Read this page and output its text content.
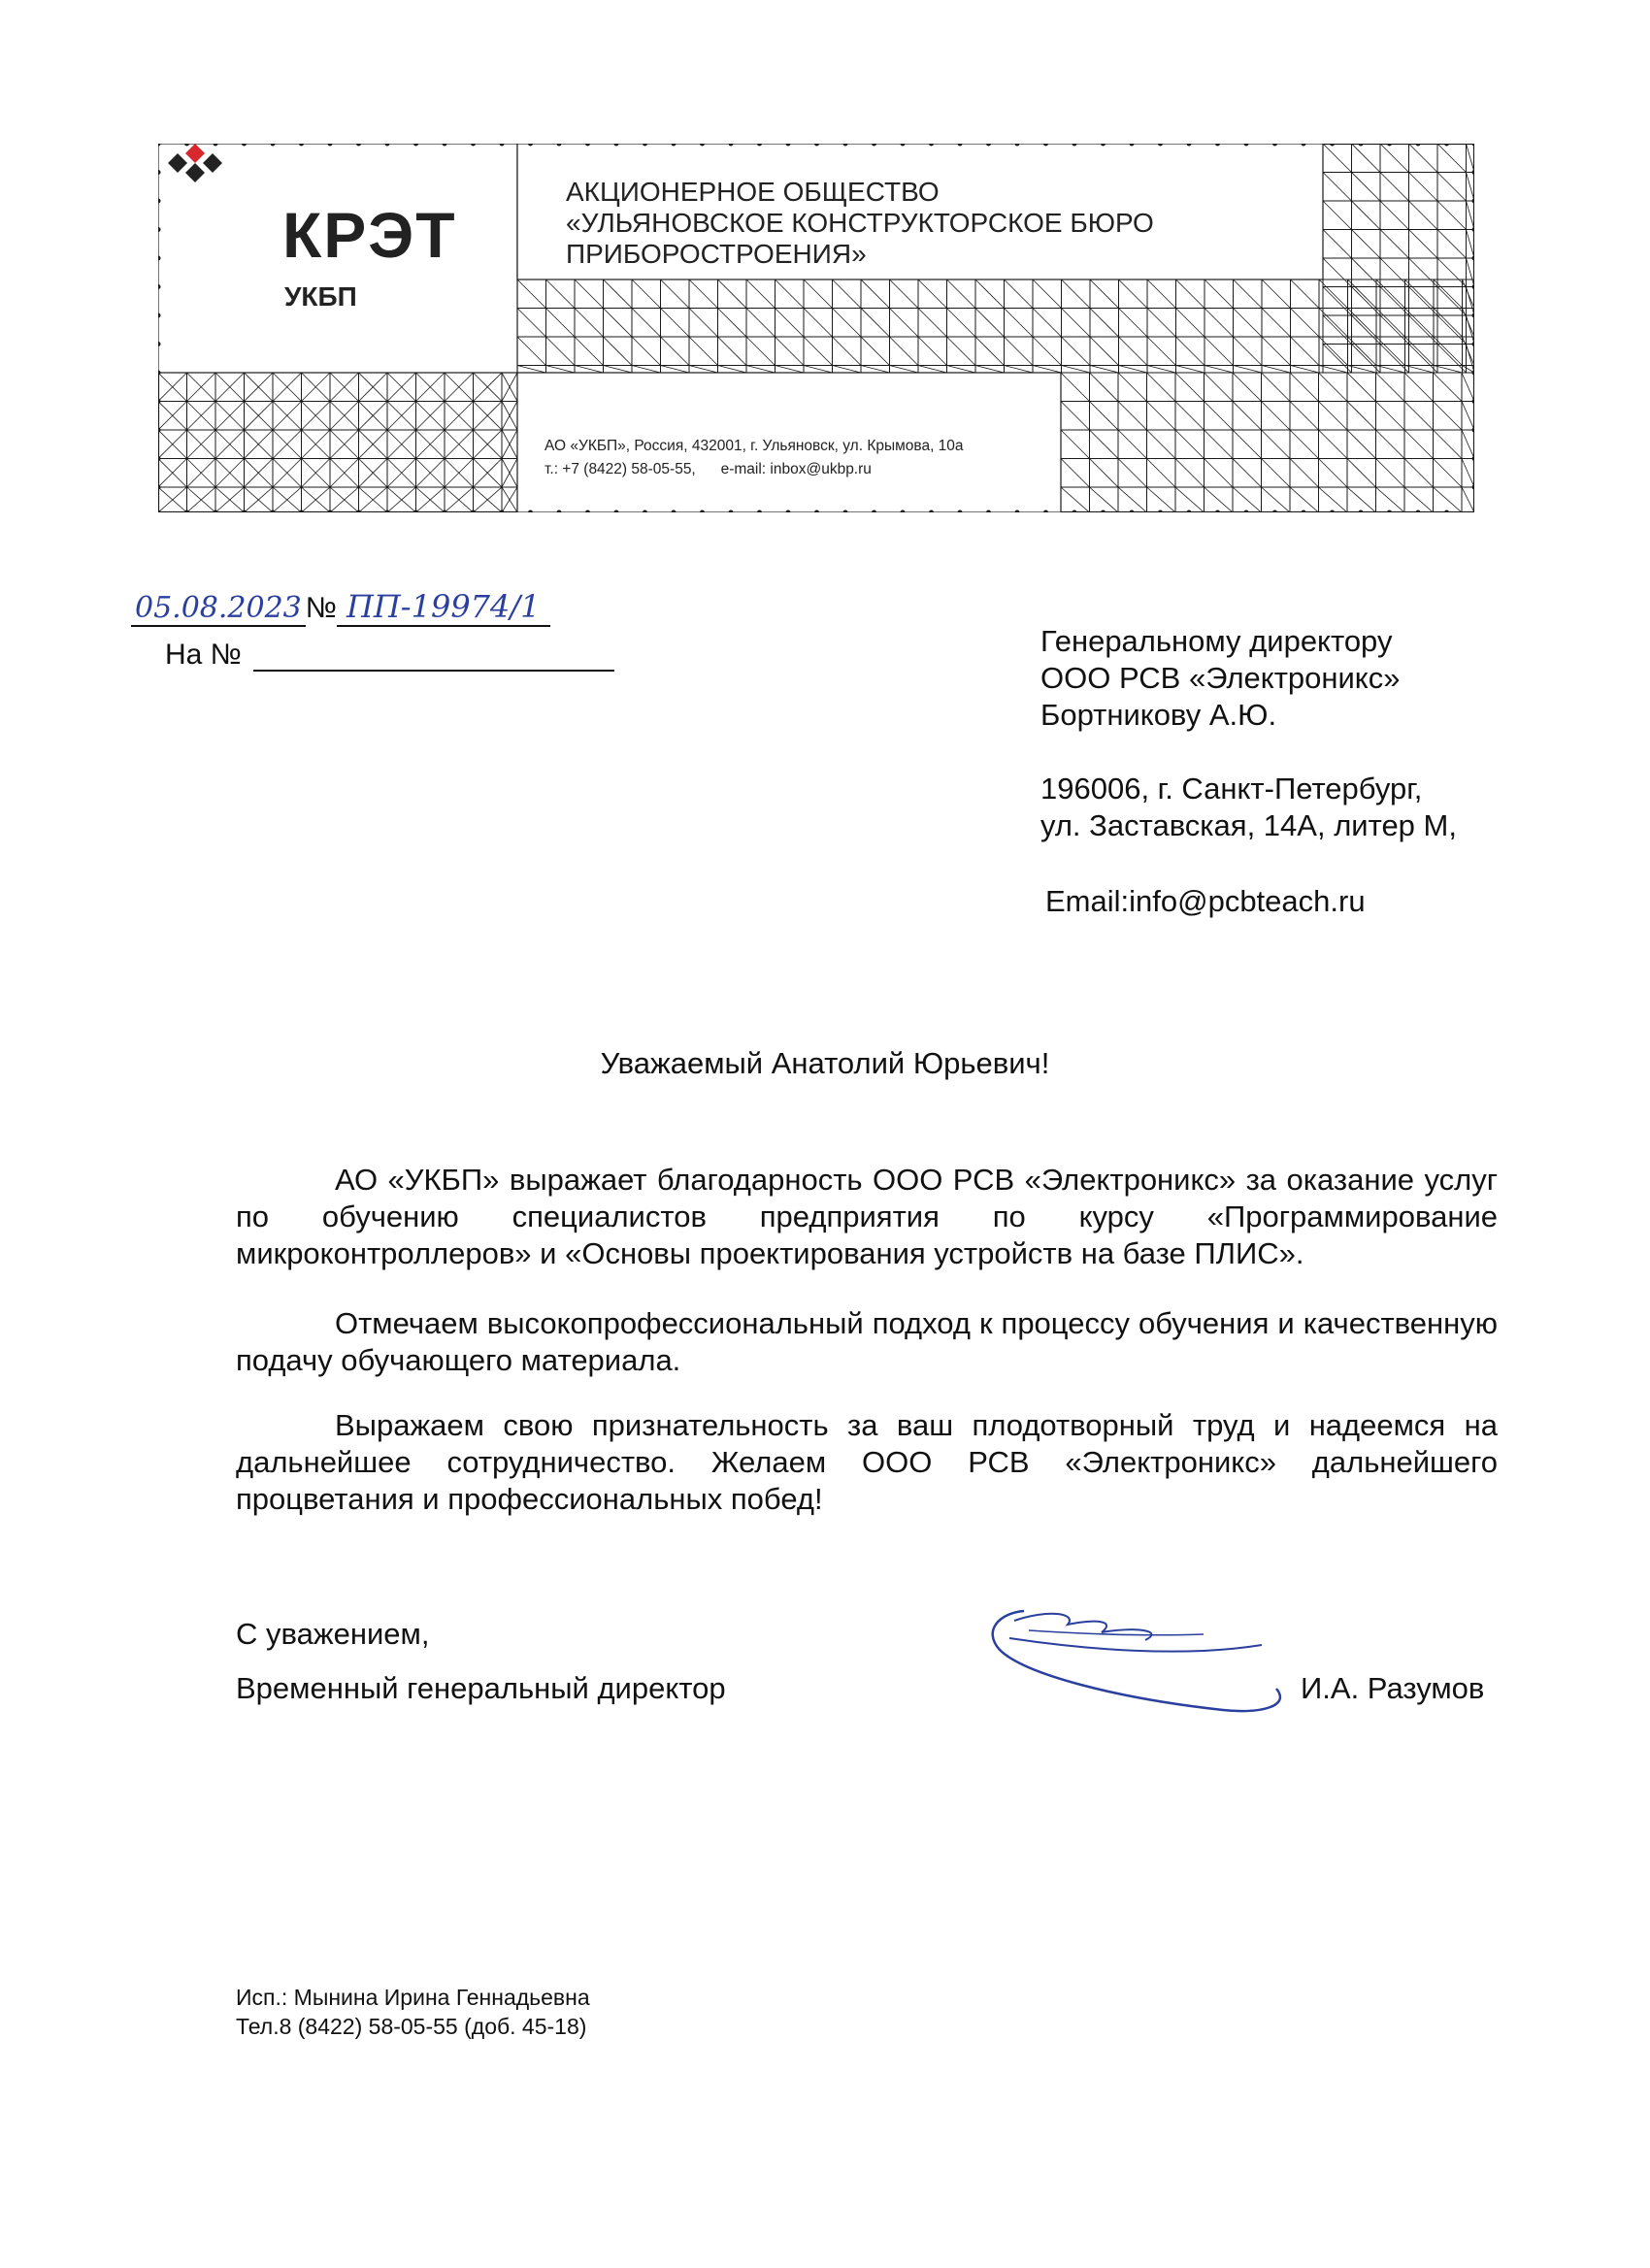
КРЭТ
УКБП
АКЦИОНЕРНОЕ ОБЩЕСТВО
«УЛЬЯНОВСКОЕ КОНСТРУКТОРСКОЕ БЮРО
ПРИБОРОСТРОЕНИЯ»
АО «УКБП», Россия, 432001, г. Ульяновск, ул. Крымова, 10а
т.: +7 (8422) 58-05-55, e-mail: inbox@ukbp.ru
05.08.2023 № ПП-19974/1
На №	Генеральному директору
ООО РСВ «Электроникс»
Бортникову А.Ю.
196006, г. Санкт-Петербург,
ул. Заставская, 14А, литер М,
Email:info@pcbteach.ru
Уважаемый Анатолий Юрьевич!
АО «УКБП» выражает благодарность ООО РСВ «Электроникс» за оказание услуг по обучению специалистов предприятия по курсу «Программирование микроконтроллеров» и «Основы проектирования устройств на базе ПЛИС».
Отмечаем высокопрофессиональный подход к процессу обучения и качественную подачу обучающего материала.
Выражаем свою признательность за ваш плодотворный труд и надеемся на дальнейшее сотрудничество. Желаем ООО РСВ «Электроникс» дальнейшего процветания и профессиональных побед!
С уважением,
Временный генеральный директор	И.А. Разумов
Исп.: Мынина Ирина Геннадьевна
Тел.8 (8422) 58-05-55 (доб. 45-18)
